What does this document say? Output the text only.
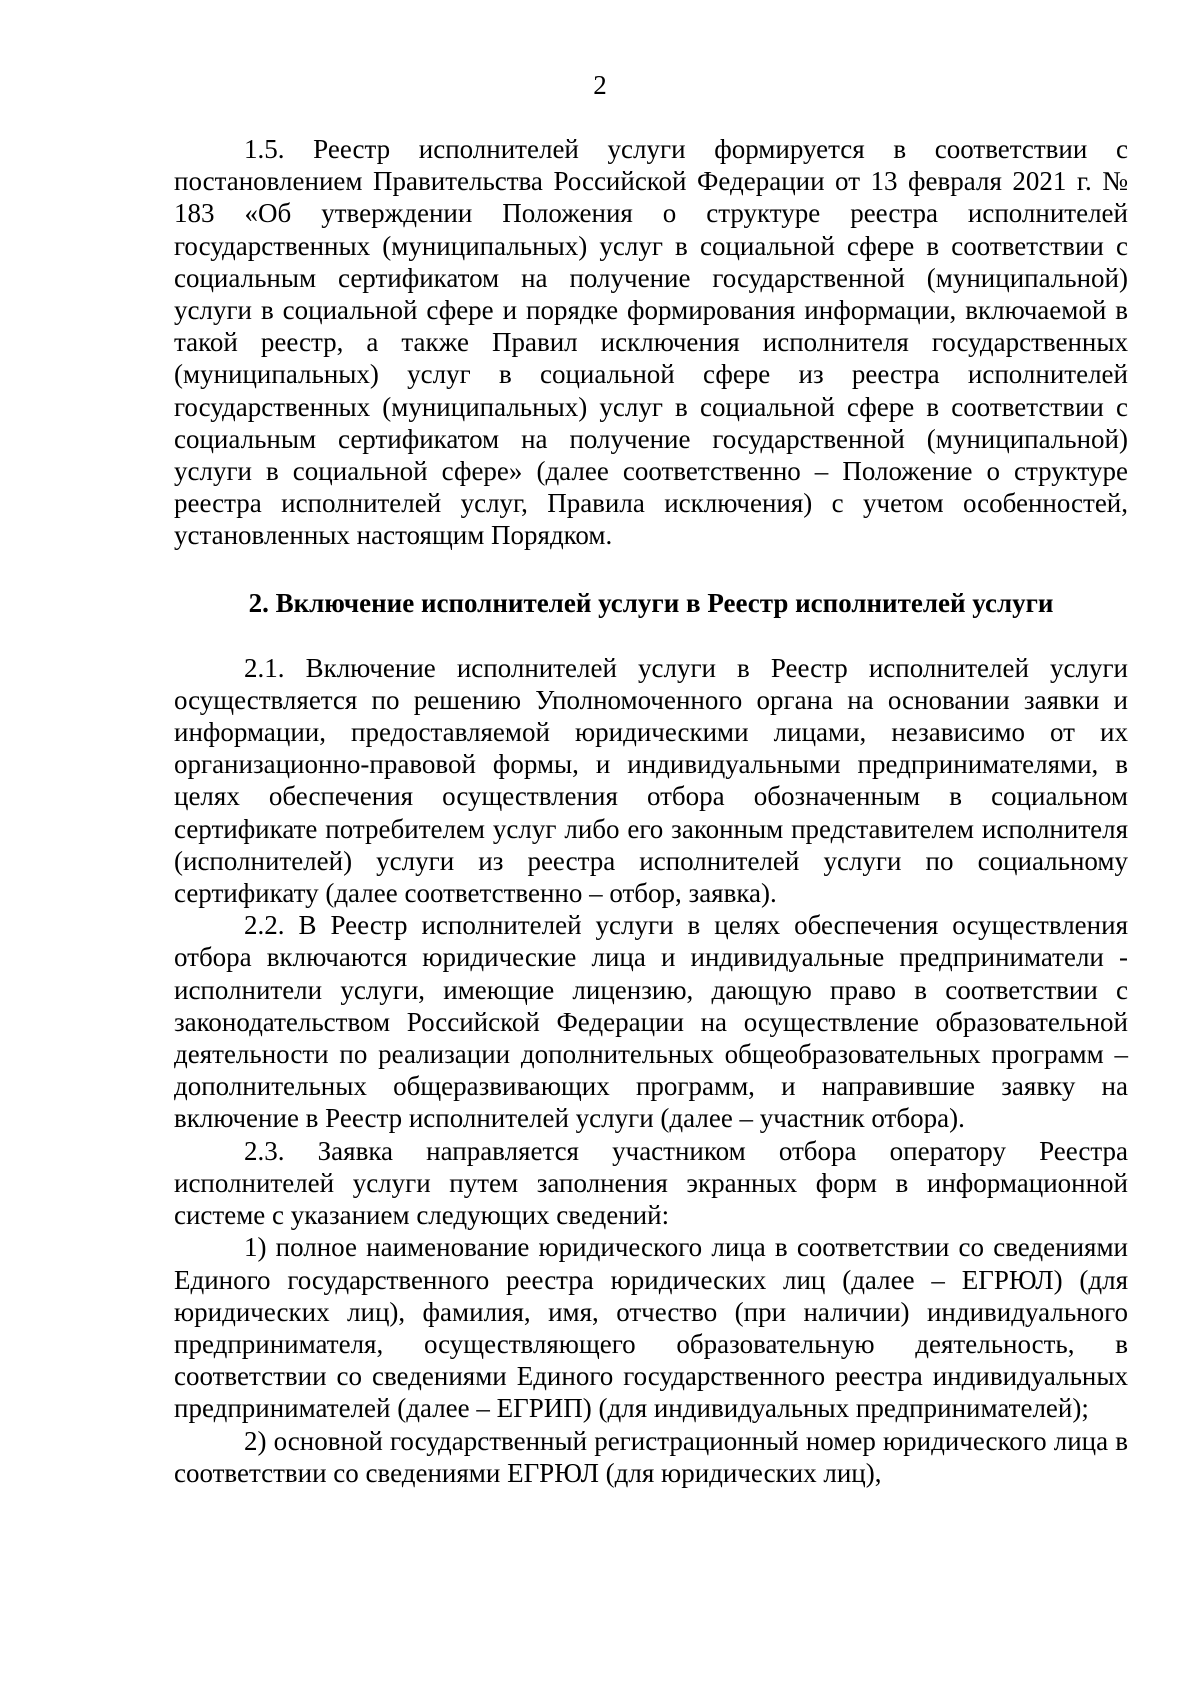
2

1.5. Реестр исполнителей услуги формируется в соответствии с постановлением Правительства Российской Федерации от 13 февраля 2021 г. № 183 «Об утверждении Положения о структуре реестра исполнителей государственных (муниципальных) услуг в социальной сфере в соответствии с социальным сертификатом на получение государственной (муниципальной) услуги в социальной сфере и порядке формирования информации, включаемой в такой реестр, а также Правил исключения исполнителя государственных (муниципальных) услуг в социальной сфере из реестра исполнителей государственных (муниципальных) услуг в социальной сфере в соответствии с социальным сертификатом на получение государственной (муниципальной) услуги в социальной сфере» (далее соответственно – Положение о структуре реестра исполнителей услуг, Правила исключения) с учетом особенностей, установленных настоящим Порядком.

2. Включение исполнителей услуги в Реестр исполнителей услуги

2.1. Включение исполнителей услуги в Реестр исполнителей услуги осуществляется по решению Уполномоченного органа на основании заявки и информации, предоставляемой юридическими лицами, независимо от их организационно-правовой формы, и индивидуальными предпринимателями, в целях обеспечения осуществления отбора обозначенным в социальном сертификате потребителем услуг либо его законным представителем исполнителя (исполнителей) услуги из реестра исполнителей услуги по социальному сертификату (далее соответственно – отбор, заявка).

2.2. В Реестр исполнителей услуги в целях обеспечения осуществления отбора включаются юридические лица и индивидуальные предприниматели - исполнители услуги, имеющие лицензию, дающую право в соответствии с законодательством Российской Федерации на осуществление образовательной деятельности по реализации дополнительных общеобразовательных программ – дополнительных общеразвивающих программ, и направившие заявку на включение в Реестр исполнителей услуги (далее – участник отбора).

2.3. Заявка направляется участником отбора оператору Реестра исполнителей услуги путем заполнения экранных форм в информационной системе с указанием следующих сведений:

1) полное наименование юридического лица в соответствии со сведениями Единого государственного реестра юридических лиц (далее – ЕГРЮЛ) (для юридических лиц), фамилия, имя, отчество (при наличии) индивидуального предпринимателя, осуществляющего образовательную деятельность, в соответствии со сведениями Единого государственного реестра индивидуальных предпринимателей (далее – ЕГРИП) (для индивидуальных предпринимателей);

2) основной государственный регистрационный номер юридического лица в соответствии со сведениями ЕГРЮЛ (для юридических лиц),
